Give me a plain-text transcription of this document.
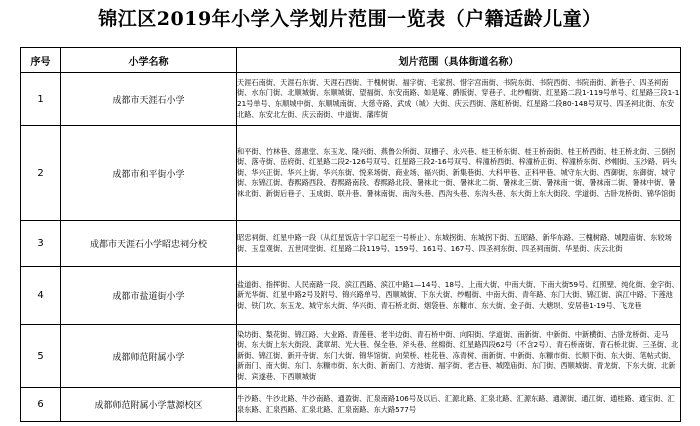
锦江区2019年小学入学划片范围一览表（户籍适龄儿童）
序号	小学名称	划片范围（具体街道名称）
1	成都市天涯石小学	天涯石南街、天涯石东街、天涯石西街、干槐树街、福字街、毛家拐、惜字宫南街、书院东街、书院西街、书院南街、新巷子、四圣祠南街、水东门街、北顺城街、东顺城街、望福街、东安南路、如是庵、爵版街、穿巷子、北纱帽街、红星路二段1-119号单号、红星路三段1-121号单号、东顺城中街、东顺城南街、大慈寺路、武成（城）大街、庆云西街、落虹桥街、红星路二段80-148号双号、四圣祠北街、东安北路、东安北左街、庆云南街、中道街、藩库街
2	成都市和平街小学	和平街、竹林巷、慈惠堂、东玉龙、隆兴街、燕鲁公所街、双栅子、永兴巷、桂王桥东街、桂王桥南街、桂王桥西街、桂王桥北街、三倒拐街、落寺街、岳府街、红星路二段2-126号双号、红星路三段2-16号双号、梓潼桥西街、梓潼桥正街、梓潼桥东街、纱帽街、玉沙路、码头街、华兴正街、华兴上街、华兴东街、悦来场街、商业场、福兴街、新集巷街、大科甲巷、正科甲巷、城守东大街、西御街、东御街、城守街、东锦江街、春熙路西段、春熙路南段、春熙路北段、暑袜北一街、暑袜北二街、暑袜北三街、暑袜南一街、暑袜南二街、暑袜中街、暑袜北街、新街后巷子、玉成街、联升巷、暑袜南街、南沟头巷、西沟头巷、东沟头巷、东大街上东大街段、学道街、古卧龙桥街、锦华馆街
3	成都市天涯石小学昭忠祠分校	昭忠祠街、红星中路一段（从红星饭店十字口起至一号桥止）、东城拐街、东城拐下街、五昭路、新华东路、三槐树路、城隍庙街、东较场街、玉皇观街、五世同堂街、红星路二段119号、159号、161号、167号、四圣祠东街、四圣祠南街、华星街、庆云北街
4	成都市盐道街小学	盐道街、指挥街、人民南路一段、滨江西路、滨江中路1—14号、18号、上南大街、中南大街、下南大街59号、红照壁、纯化街、金字街、新光华街、红星中路2号及附号、锦兴路单号、西顺城街、下东大街、纱帽街、中南大街、青年路、东门大街、锦江街、滨江中路、下莲池街、铁门坎、东玉龙、城守东大街、华兴街、青石桥北街、烟袋巷、东糠市、东大街、金子街、大塘坝、安居巷1-19号、飞龙巷
5	成都师范附属小学	染坊街、梨花街、锦江路、大业路、青莲巷、老半边街、青石桥中街、向阳街、学道街、南新街、中新街、中新横街、古卧龙桥街、走马街、东大街上东大街段、龚章胡、光大巷、保全巷、斧头巷、丝棉街、红星路四段62号（不含2号）、青石桥南街、青石桥北街、三圣街、北新街、锦江街、新开寺街、东门大街、锦华馆街、向荣桥、桂花巷、冻青树、南新街、中新街、东糠市街、长顺下街、东大街、笔帖式街、新南门、南大街、东门、东糠市街、东大街、新南门、方池街、福字街、老古巷、城隍庙街、东门街、西顺城街、青龙街、下东大街、北新街、宾遂巷、下西顺城街
6	成都师范附属小学慧源校区	牛沙路、牛沙北路、牛沙南路、通盈街、汇泉南路106号及以后、汇源北路、汇泉北路、汇源东路、通源街、通江街、通桂路、通宝街、汇泉东路、汇泉西路、汇泉北路、汇泉南路、东大路577号
